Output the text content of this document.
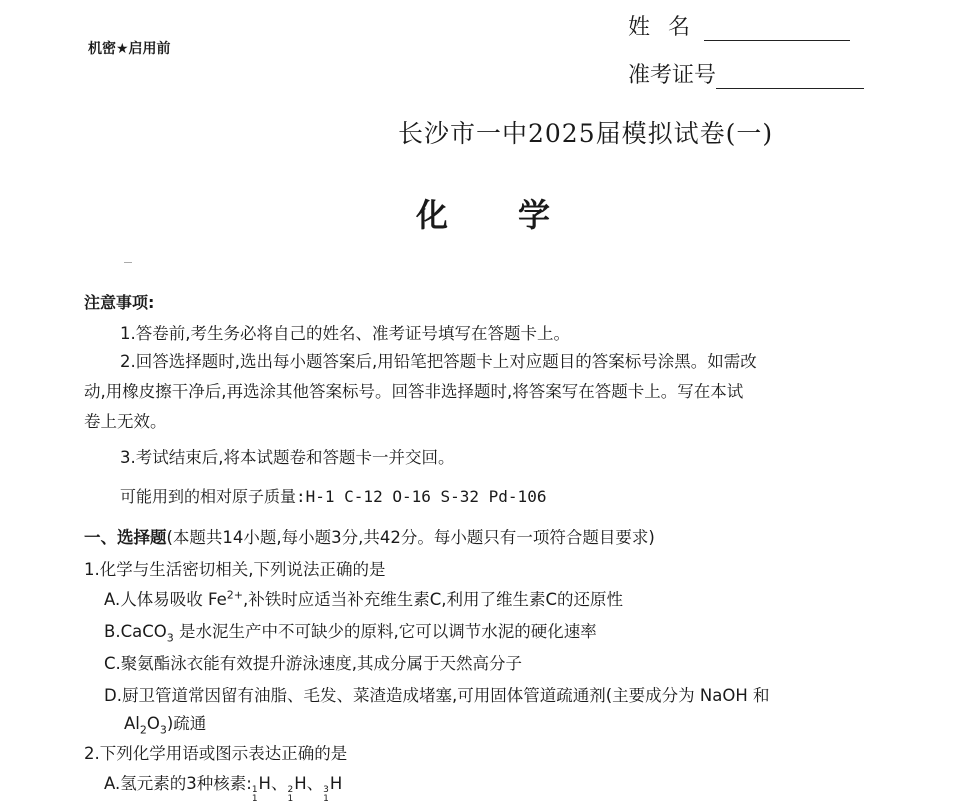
机密★启用前
姓 名
准考证号
长沙市一中2025届模拟试卷(一)
化 学
注意事项:
1.答卷前,考生务必将自己的姓名、准考证号填写在答题卡上。
2.回答选择题时,选出每小题答案后,用铅笔把答题卡上对应题目的答案标号涂黑。如需改
动,用橡皮擦干净后,再选涂其他答案标号。回答非选择题时,将答案写在答题卡上。写在本试
卷上无效。
3.考试结束后,将本试题卷和答题卡一并交回。
可能用到的相对原子质量:H-1 C-12 O-16 S-32 Pd-106
一、选择题(本题共14小题,每小题3分,共42分。每小题只有一项符合题目要求)
1.化学与生活密切相关,下列说法正确的是
A.人体易吸收 $Fe^{2+}$,补铁时应适当补充维生素C,利用了维生素C的还原性
B.CaCO$_3$ 是水泥生产中不可缺少的原料,它可以调节水泥的硬化速率
C.聚氨酯泳衣能有效提升游泳速度,其成分属于天然高分子
D.厨卫管道常因留有油脂、毛发、菜渣造成堵塞,可用固体管道疏通剂(主要成分为 NaOH 和
$Al_2O_3$)疏通
2.下列化学用语或图示表达正确的是
A.氢元素的3种核素: 1
1
H、 2
1
H、 3
1
H
